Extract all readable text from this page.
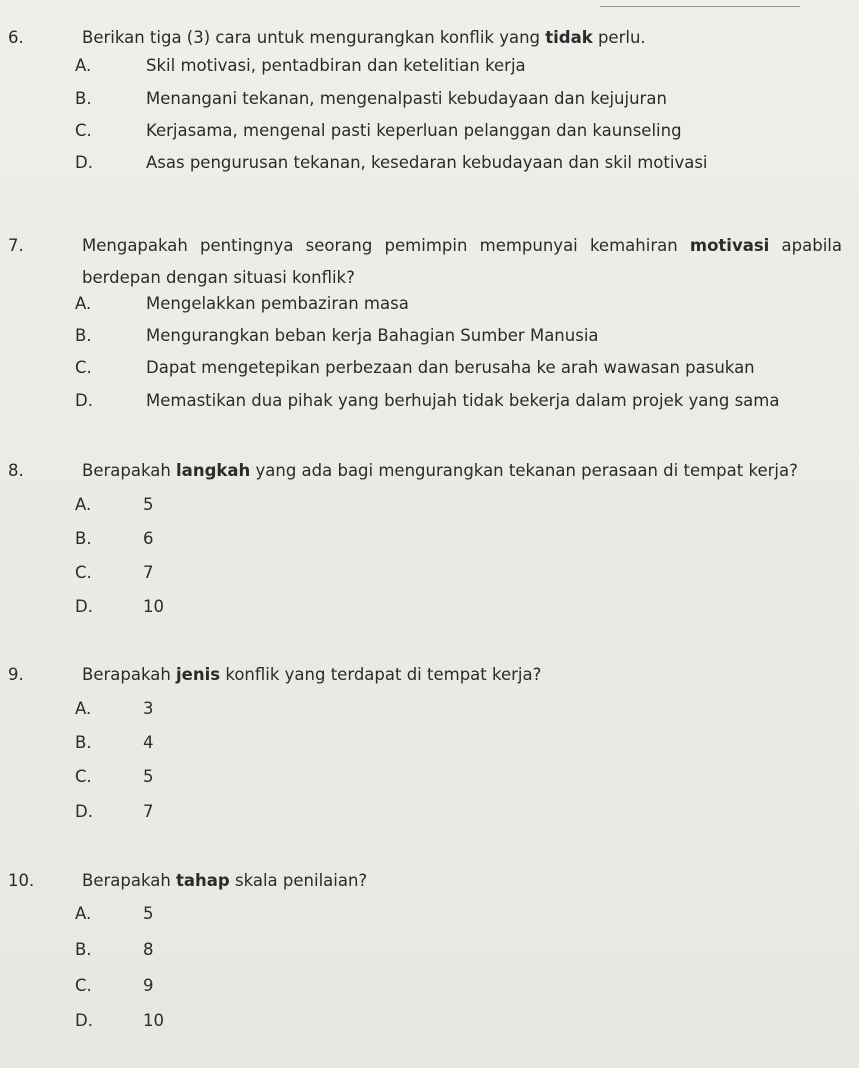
6.	Berikan tiga (3) cara untuk mengurangkan konflik yang tidak perlu.
A.	Skil motivasi, pentadbiran dan ketelitian kerja
B.	Menangani tekanan, mengenalpasti kebudayaan dan kejujuran
C.	Kerjasama, mengenal pasti keperluan pelanggan dan kaunseling
D.	Asas pengurusan tekanan, kesedaran kebudayaan dan skil motivasi
7.	Mengapakah pentingnya seorang pemimpin mempunyai kemahiran motivasi apabila berdepan dengan situasi konflik?
A.	Mengelakkan pembaziran masa
B.	Mengurangkan beban kerja Bahagian Sumber Manusia
C.	Dapat mengetepikan perbezaan dan berusaha ke arah wawasan pasukan
D.	Memastikan dua pihak yang berhujah tidak bekerja dalam projek yang sama
8.	Berapakah langkah yang ada bagi mengurangkan tekanan perasaan di tempat kerja?
A.	5
B.	6
C.	7
D.	10
9.	Berapakah jenis konflik yang terdapat di tempat kerja?
A.	3
B.	4
C.	5
D.	7
10.	Berapakah tahap skala penilaian?
A.	5
B.	8
C.	9
D.	10
